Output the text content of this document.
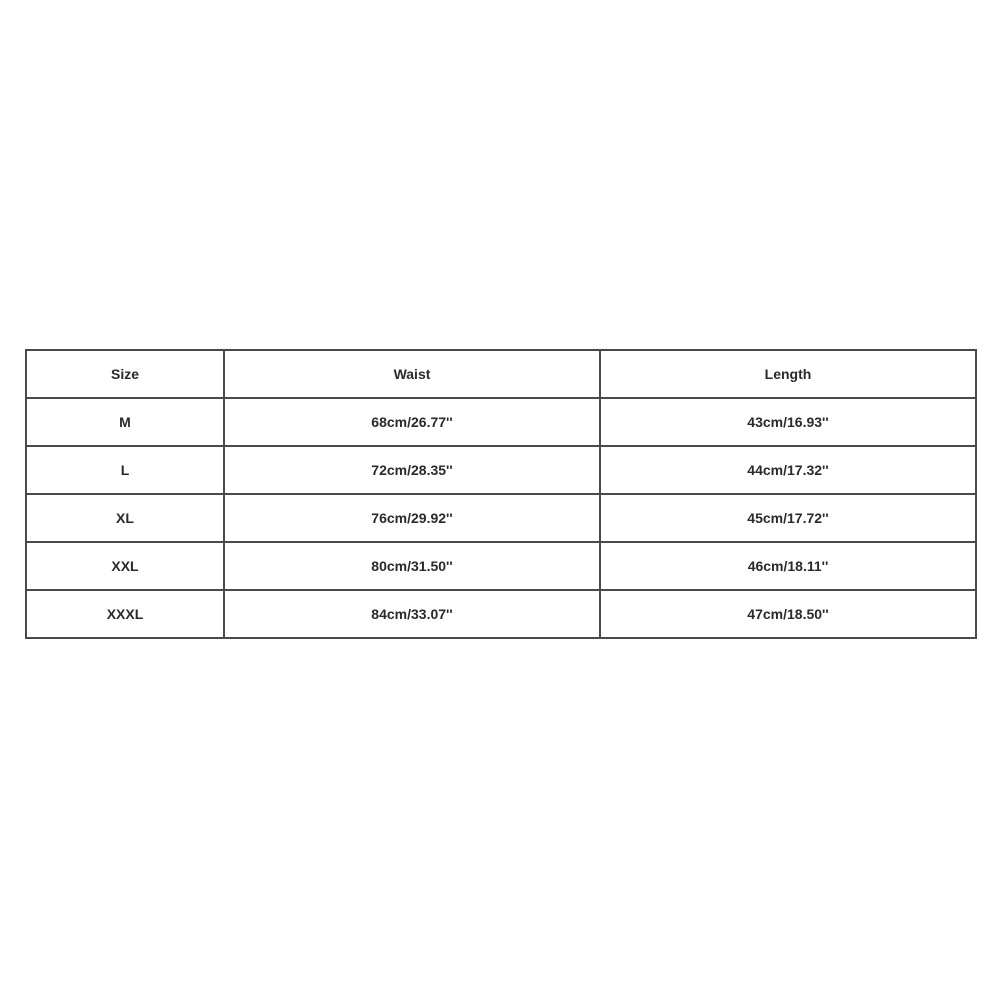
Size	Waist	Length
M	68cm/26.77''	43cm/16.93''
L	72cm/28.35''	44cm/17.32''
XL	76cm/29.92''	45cm/17.72''
XXL	80cm/31.50''	46cm/18.11''
XXXL	84cm/33.07''	47cm/18.50''
